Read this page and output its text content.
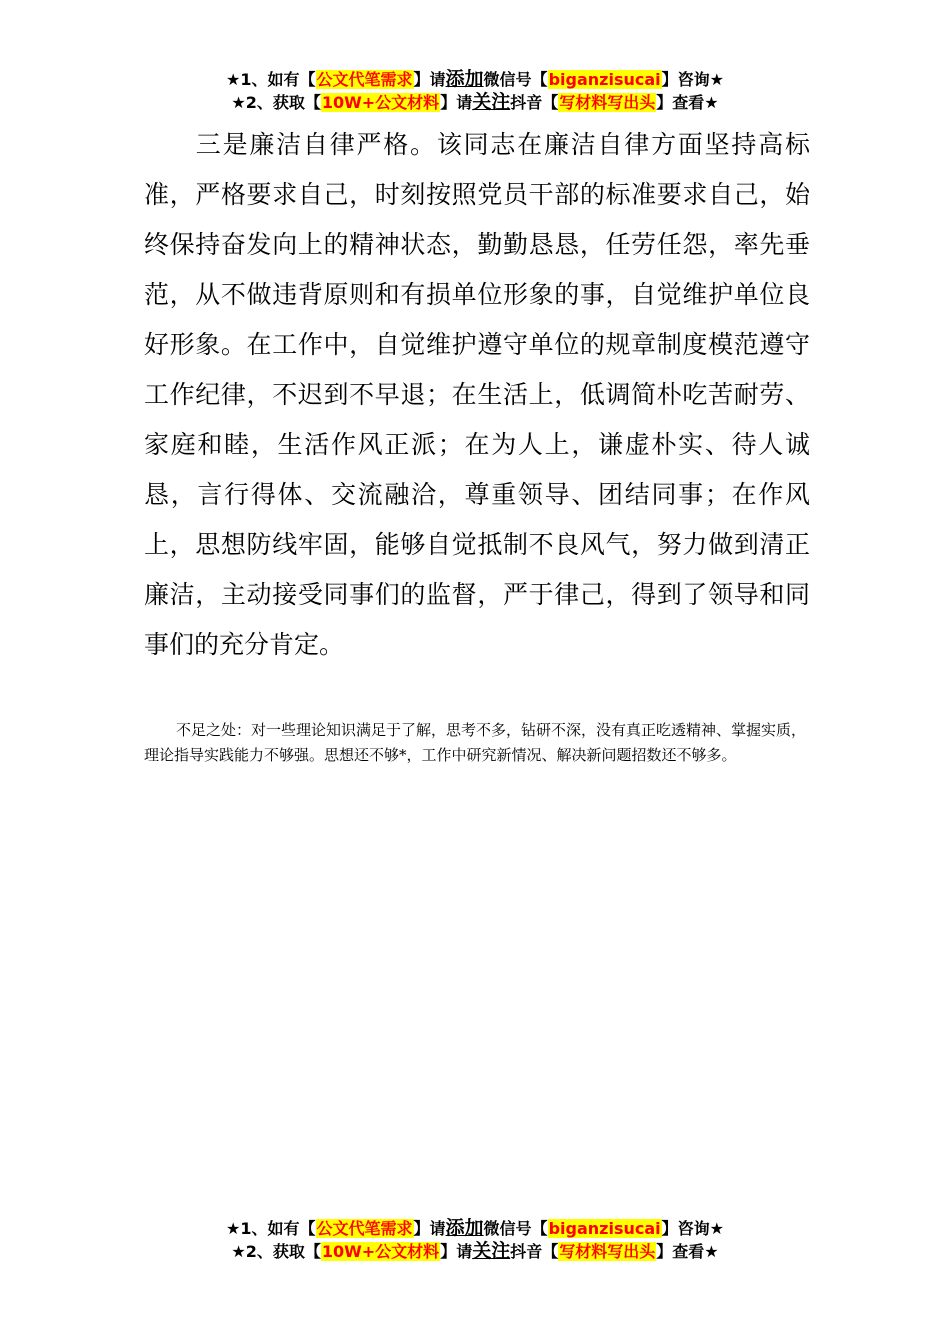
★1、如有【公文代笔需求】请添加微信号【biganzisucai】咨询★
★2、获取【10W+公文材料】请关注抖音【写材料写出头】查看★

三是廉洁自律严格。该同志在廉洁自律方面坚持高标准，严格要求自己，时刻按照党员干部的标准要求自己，始终保持奋发向上的精神状态，勤勤恳恳，任劳任怨，率先垂范，从不做违背原则和有损单位形象的事，自觉维护单位良好形象。在工作中，自觉维护遵守单位的规章制度模范遵守工作纪律，不迟到不早退；在生活上，低调简朴吃苦耐劳、家庭和睦，生活作风正派；在为人上，谦虚朴实、待人诚恳，言行得体、交流融洽，尊重领导、团结同事；在作风上，思想防线牢固，能够自觉抵制不良风气，努力做到清正廉洁，主动接受同事们的监督，严于律己，得到了领导和同事们的充分肯定。

不足之处：对一些理论知识满足于了解，思考不多，钻研不深，没有真正吃透精神、掌握实质，理论指导实践能力不够强。思想还不够*，工作中研究新情况、解决新问题招数还不够多。

★1、如有【公文代笔需求】请添加微信号【biganzisucai】咨询★
★2、获取【10W+公文材料】请关注抖音【写材料写出头】查看★
